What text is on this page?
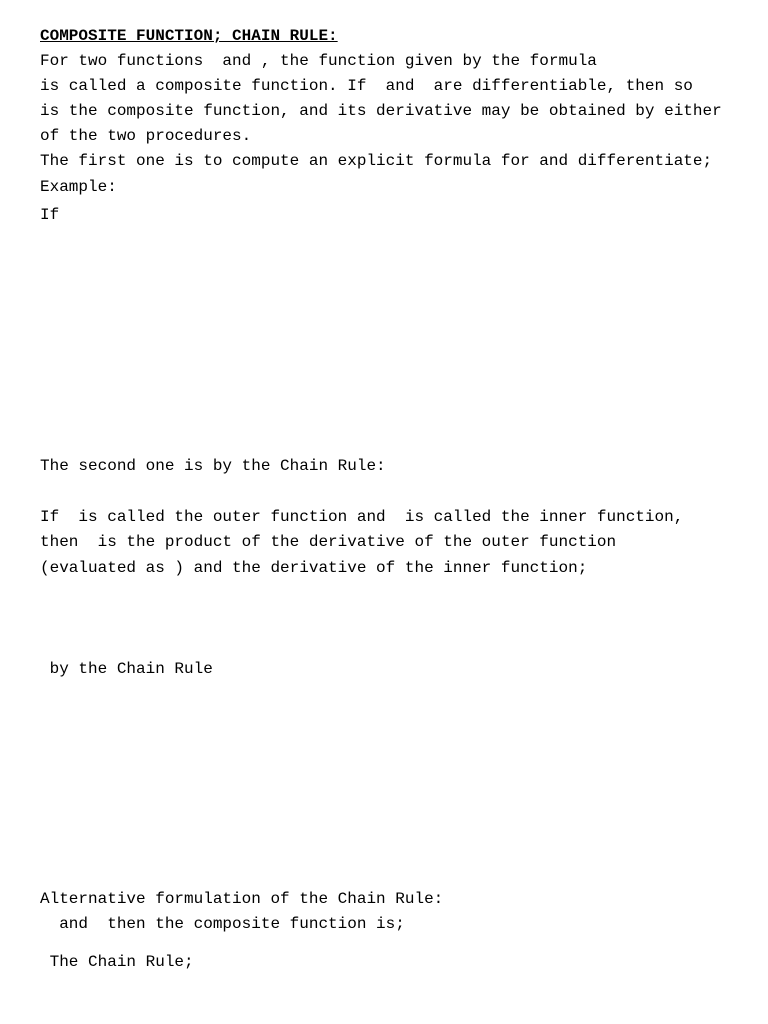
COMPOSITE FUNCTION; CHAIN RULE:

For two functions  and , the function given by the formula

is called a composite function. If  and  are differentiable, then so

is the composite function, and its derivative may be obtained by either

of the two procedures.

The first one is to compute an explicit formula for and differentiate;

Example:

If

The second one is by the Chain Rule:

If  is called the outer function and  is called the inner function,

then  is the product of the derivative of the outer function

(evaluated as ) and the derivative of the inner function;

by the Chain Rule

Alternative formulation of the Chain Rule:

and  then the composite function is;

The Chain Rule;
